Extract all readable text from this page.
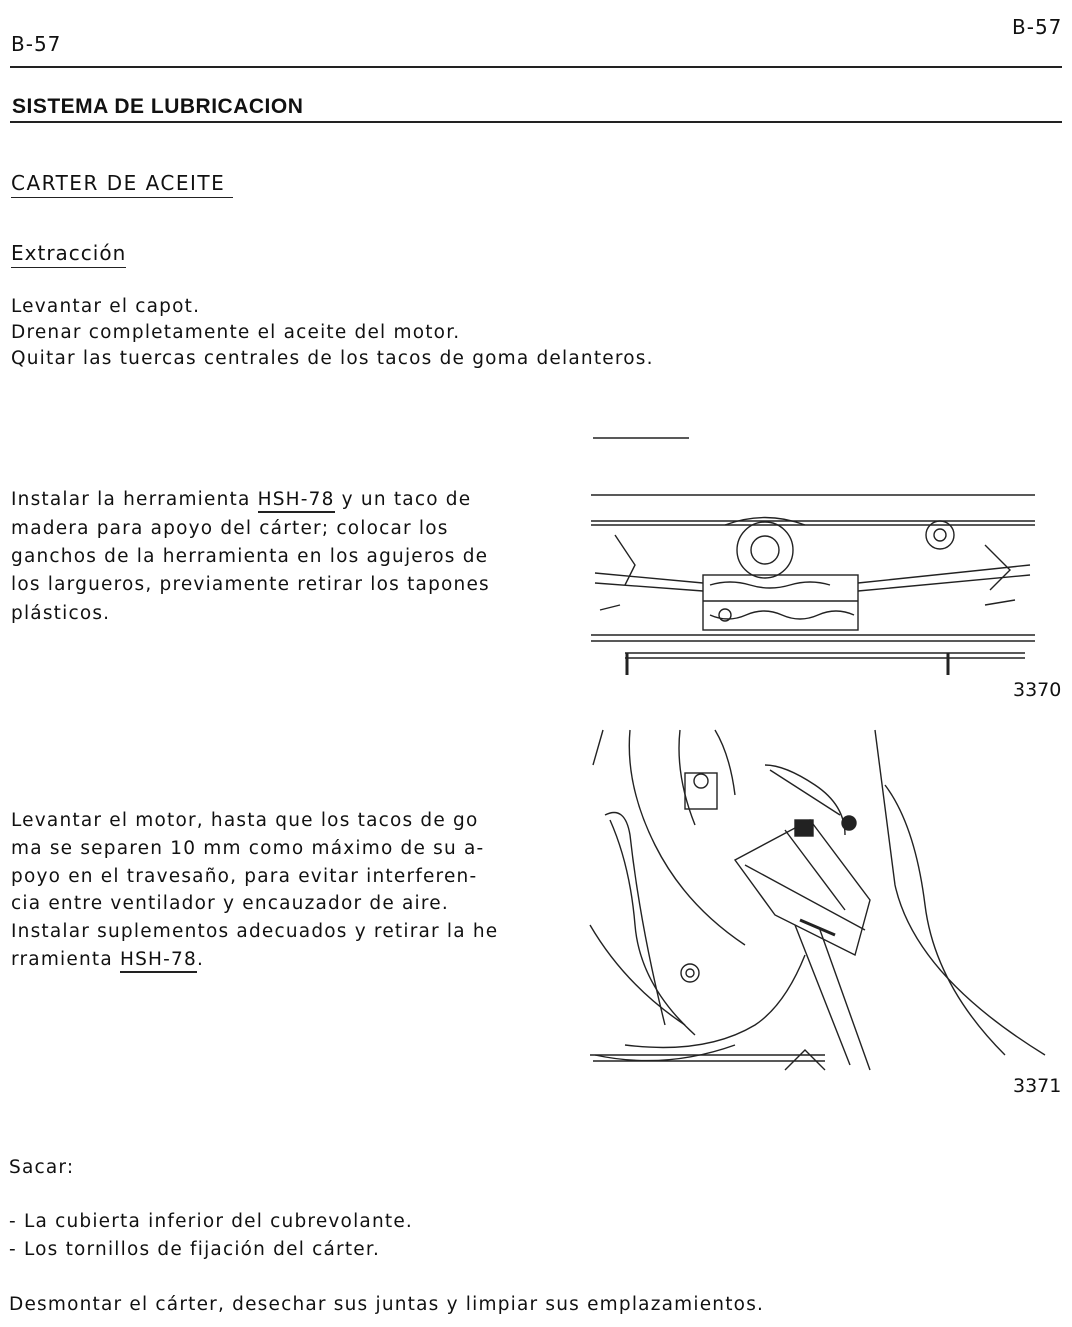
B-57
B-57
SISTEMA DE LUBRICACION
CARTER DE ACEITE
Extracción
Levantar el capot.
Drenar completamente el aceite del motor.
Quitar las tuercas centrales de los tacos de goma delanteros.
Instalar la herramienta HSH-78 y un taco de
madera para apoyo del cárter; colocar los
ganchos de la herramienta en los agujeros de
los largueros, previamente retirar los tapones
plásticos.
3370
Levantar el motor, hasta que los tacos de go
ma se separen 10 mm como máximo de su a-
poyo en el travesaño, para evitar interferen-
cia entre ventilador y encauzador de aire.
Instalar suplementos adecuados y retirar la he
rramienta HSH-78.
3371
Sacar:
- La cubierta inferior del cubrevolante.
- Los tornillos de fijación del cárter.
Desmontar el cárter, desechar sus juntas y limpiar sus emplazamientos.
